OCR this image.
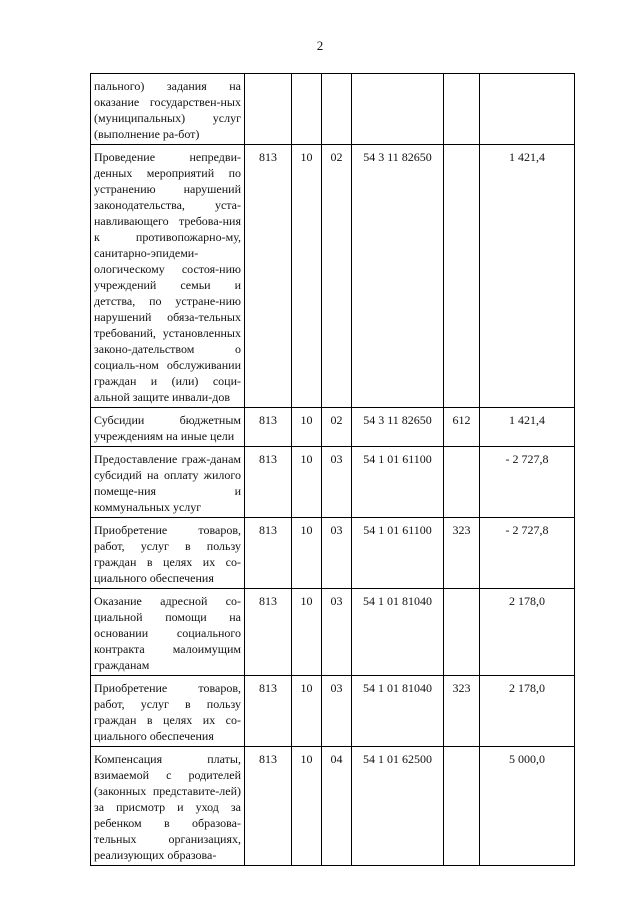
2
пального) задания на оказание государствен-ных (муниципальных) услуг (выполнение ра-бот)						
Проведение непредви-денных мероприятий по устранению нарушений законодательства, уста-навливающего требова-ния к противопожарно-му, санитарно-эпидеми-ологическому состоя-нию учреждений семьи и детства, по устране-нию нарушений обяза-тельных требований, установленных законо-дательством о социаль-ном обслуживании граждан и (или) соци-альной защите инвали-дов	813	10	02	54 3 11 82650		1 421,4
Субсидии бюджетным учреждениям на иные цели	813	10	02	54 3 11 82650	612	1 421,4
Предоставление граж-данам субсидий на оплату жилого помеще-ния и коммунальных услуг	813	10	03	54 1 01 61100		- 2 727,8
Приобретение товаров, работ, услуг в пользу граждан в целях их со-циального обеспечения	813	10	03	54 1 01 61100	323	- 2 727,8
Оказание адресной со-циальной помощи на основании социального контракта малоимущим гражданам	813	10	03	54 1 01 81040		2 178,0
Приобретение товаров, работ, услуг в пользу граждан в целях их со-циального обеспечения	813	10	03	54 1 01 81040	323	2 178,0
Компенсация платы, взимаемой с родителей (законных представите-лей) за присмотр и уход за ребенком в образова-тельных организациях, реализующих образова-	813	10	04	54 1 01 62500		5 000,0
